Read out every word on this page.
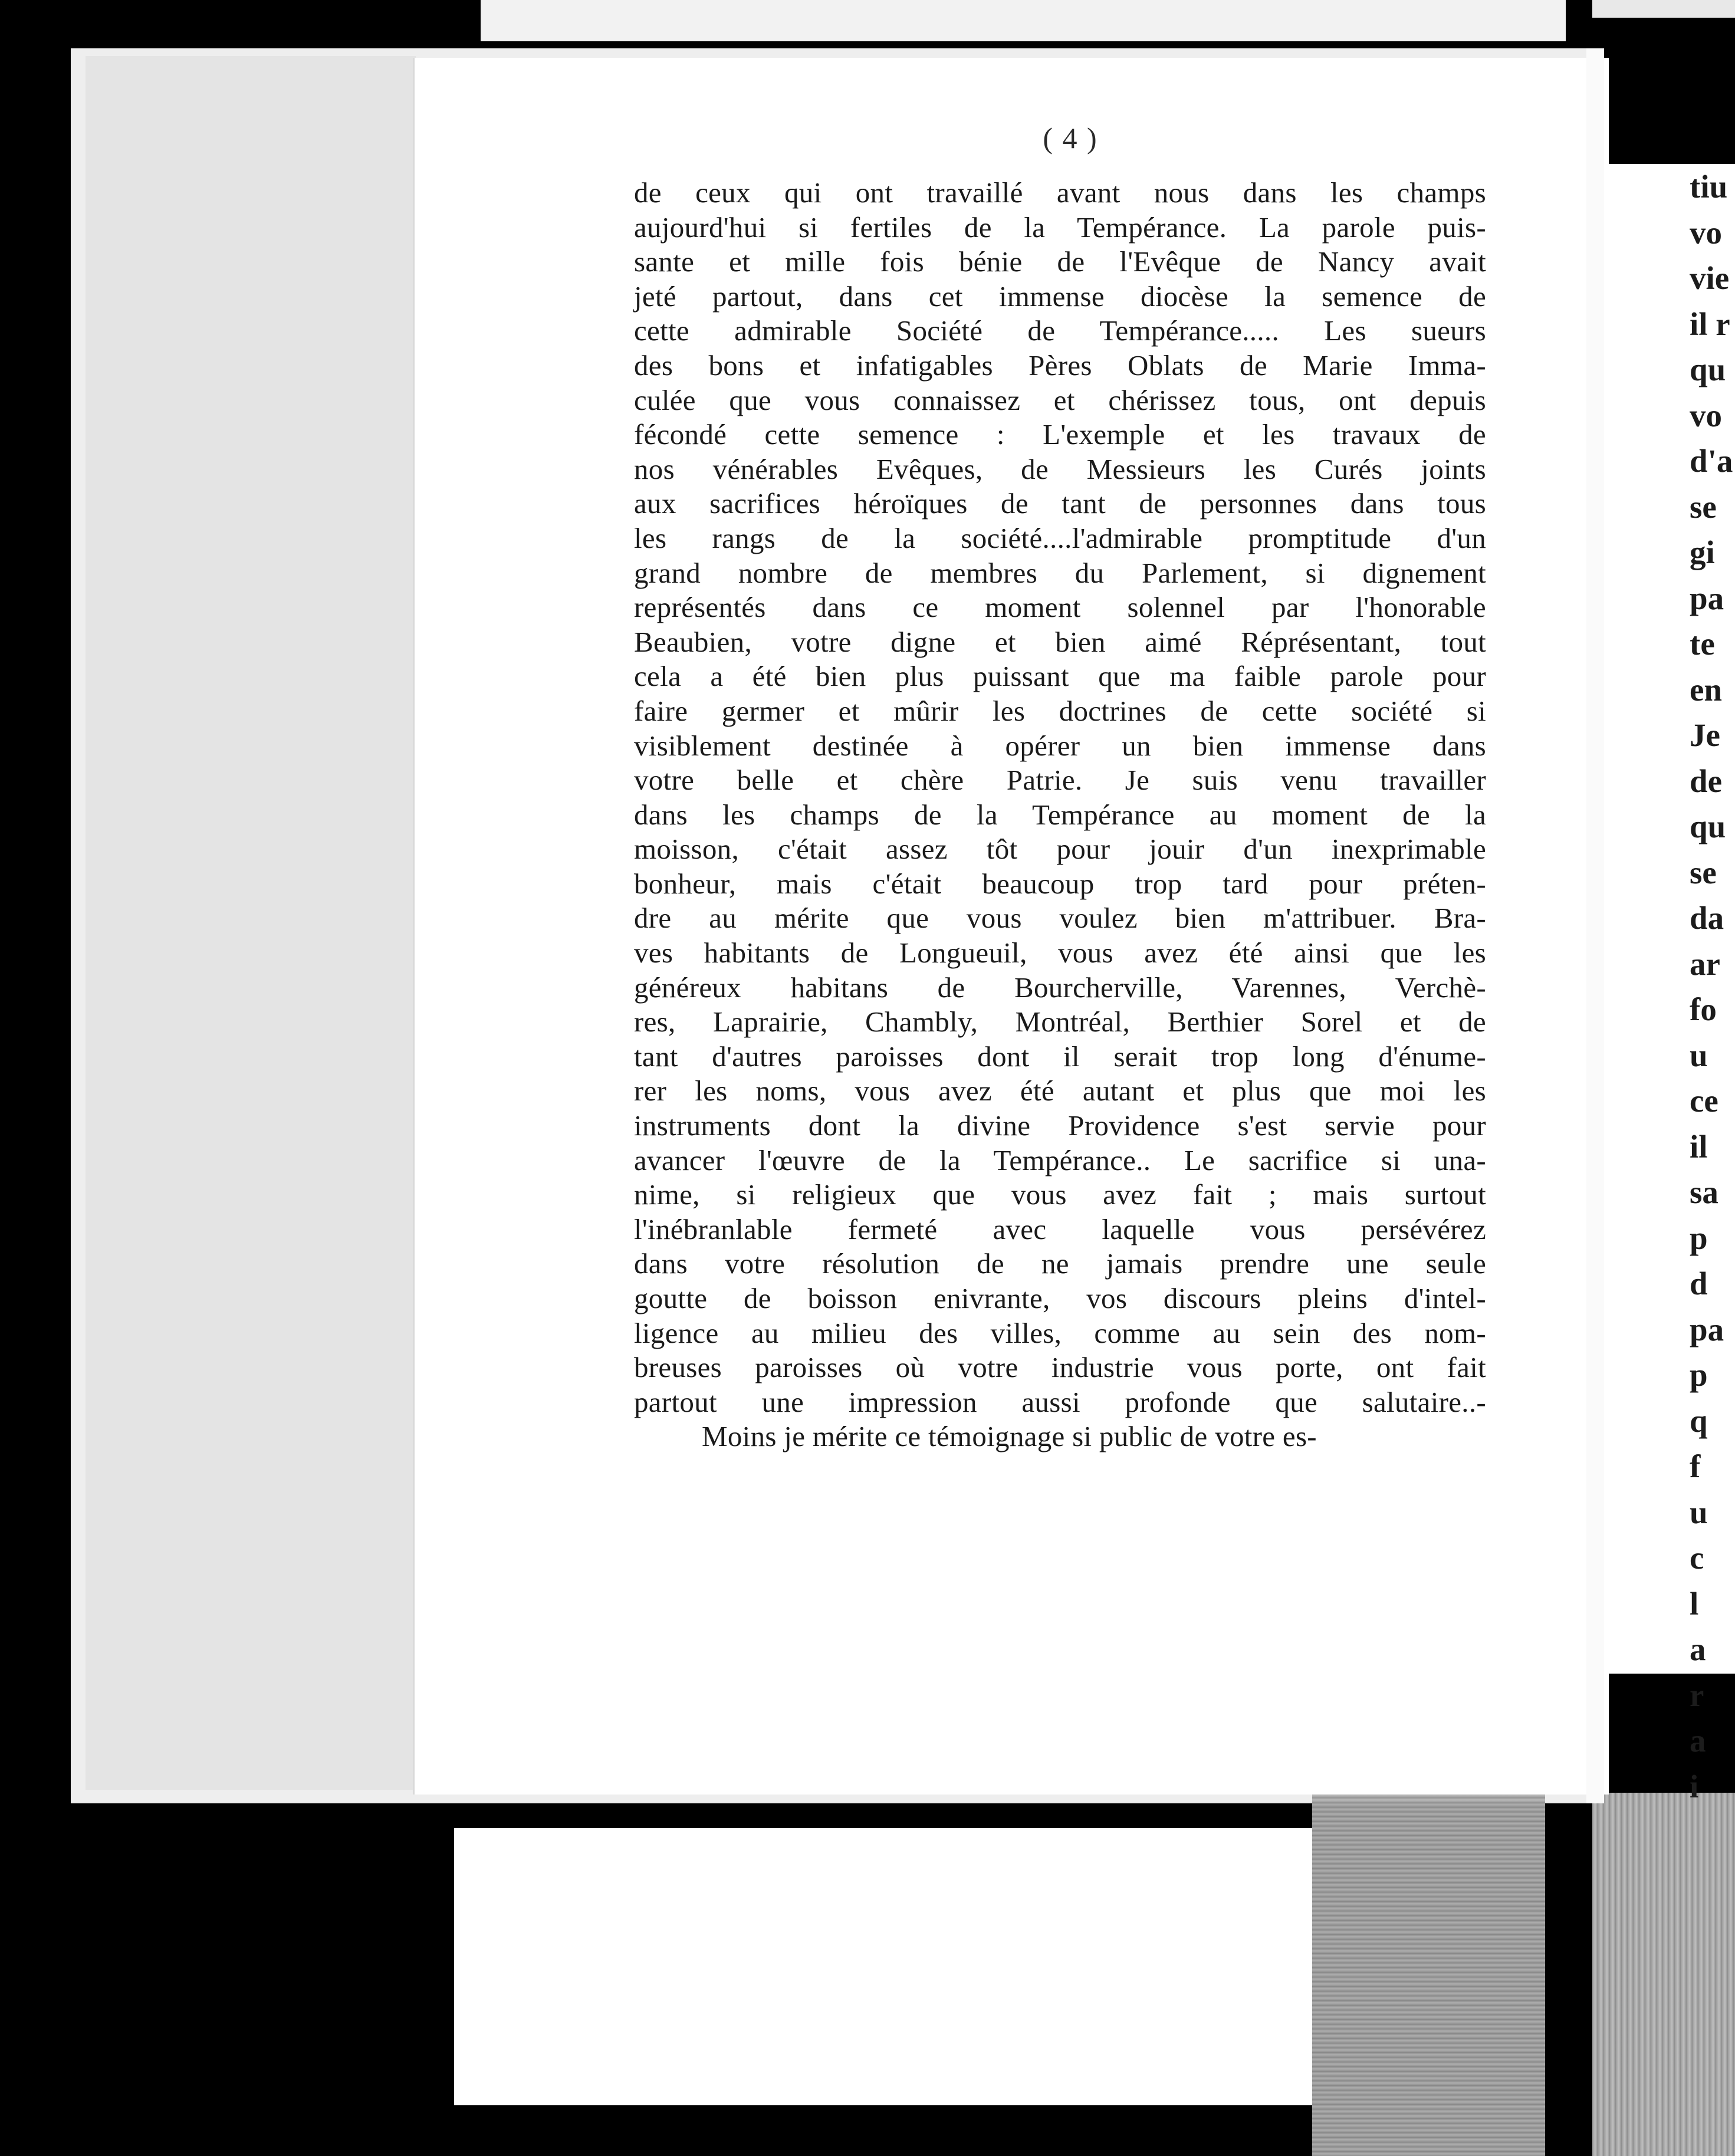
( 4 )
de ceux qui ont travaillé avant nous dans les champs
aujourd'hui si fertiles de la Tempérance. La parole puis-
sante et mille fois bénie de l'Evêque de Nancy avait
jeté partout, dans cet immense diocèse la semence de
cette admirable Société de Tempérance..... Les sueurs
des bons et infatigables Pères Oblats de Marie Imma-
culée que vous connaissez et chérissez tous, ont depuis
fécondé cette semence : L'exemple et les travaux de
nos vénérables Evêques, de Messieurs les Curés joints
aux sacrifices héroïques de tant de personnes dans tous
les rangs de la société....l'admirable promptitude d'un
grand nombre de membres du Parlement, si dignement
représentés dans ce moment solennel par l'honorable
Beaubien, votre digne et bien aimé Réprésentant, tout
cela a été bien plus puissant que ma faible parole pour
faire germer et mûrir les doctrines de cette société si
visiblement destinée à opérer un bien immense dans
votre belle et chère Patrie. Je suis venu travailler
dans les champs de la Tempérance au moment de la
moisson, c'était assez tôt pour jouir d'un inexprimable
bonheur, mais c'était beaucoup trop tard pour préten-
dre au mérite que vous voulez bien m'attribuer. Bra-
ves habitants de Longueuil, vous avez été ainsi que les
généreux habitans de Bourcherville, Varennes, Verchè-
res, Laprairie, Chambly, Montréal, Berthier Sorel et de
tant d'autres paroisses dont il serait trop long d'énume-
rer les noms, vous avez été autant et plus que moi les
instruments dont la divine Providence s'est servie pour
avancer l'œuvre de la Tempérance.. Le sacrifice si una-
nime, si religieux que vous avez fait ; mais surtout
l'inébranlable fermeté avec laquelle vous persévérez
dans votre résolution de ne jamais prendre une seule
goutte de boisson enivrante, vos discours pleins d'intel-
ligence au milieu des villes, comme au sein des nom-
breuses paroisses où votre industrie vous porte, ont fait
partout une impression aussi profonde que salutaire..-
Moins je mérite ce témoignage si public de votre es-
tiu
vo
vie
il r
qu
vo
d'a
se
gi
pa
te
en
Je
de
qu
se
da
ar
fo
u
ce
il
sa
p
d
pa
p
q
f
u
c
l
a
r
a
i
